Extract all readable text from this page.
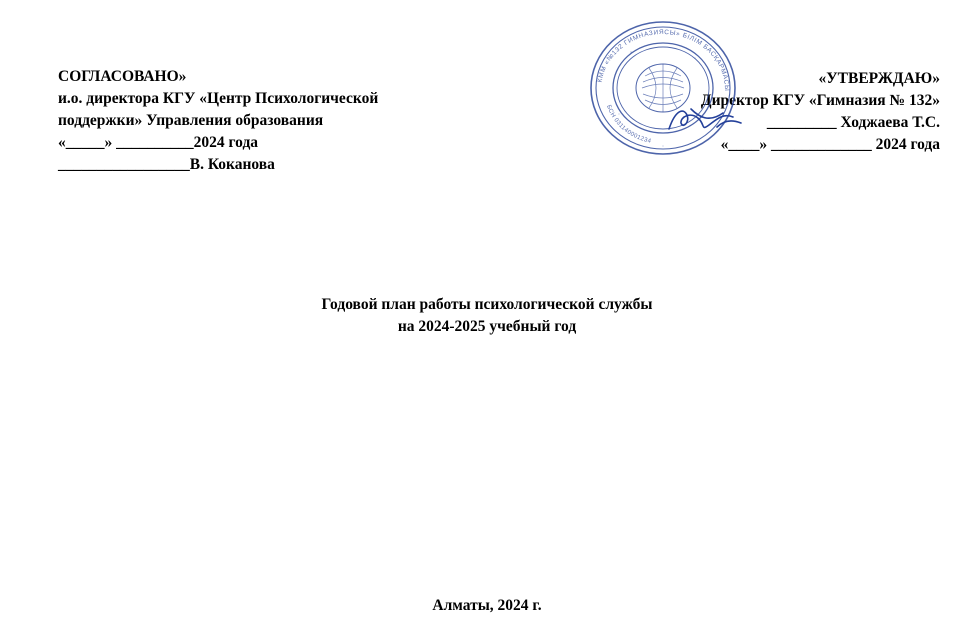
СОГЛАСОВАНО»
и.о. директора КГУ «Центр Психологической
поддержки» Управления образования
«_____» __________2024 года
_________________В. Коканова
«УТВЕРЖДАЮ»
Директор КГУ «Гимназия № 132»
_________ Ходжаева Т.С.
«____» _____________ 2024 года
КММ «№132 ГИМНАЗИЯСЫ» БІЛІМ БАСҚАРМАСЫ
БСН 031140001234
Годовой план работы психологической службы
на 2024-2025 учебный год
Алматы, 2024 г.
